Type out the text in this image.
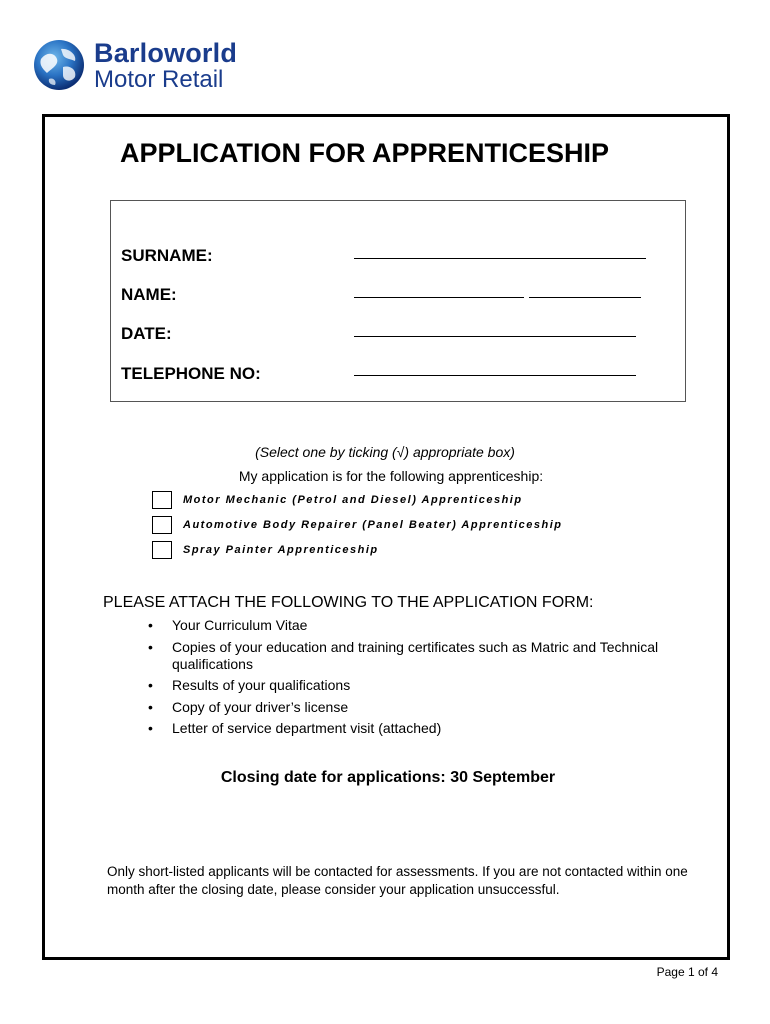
Barloworld
Motor Retail
APPLICATION FOR APPRENTICESHIP
SURNAME:
NAME:
DATE:
TELEPHONE NO:
(Select one by ticking (√) appropriate box)
My application is for the following apprenticeship:
Motor Mechanic (Petrol and Diesel) Apprenticeship
Automotive Body Repairer (Panel Beater) Apprenticeship
Spray Painter Apprenticeship
PLEASE ATTACH THE FOLLOWING TO THE APPLICATION FORM:
• Your Curriculum Vitae
• Copies of your education and training certificates such as Matric and Technical qualifications
• Results of your qualifications
• Copy of your driver’s license
• Letter of service department visit (attached)
Closing date for applications: 30 September
Only short-listed applicants will be contacted for assessments. If you are not contacted within one month after the closing date, please consider your application unsuccessful.
Page 1 of 4
